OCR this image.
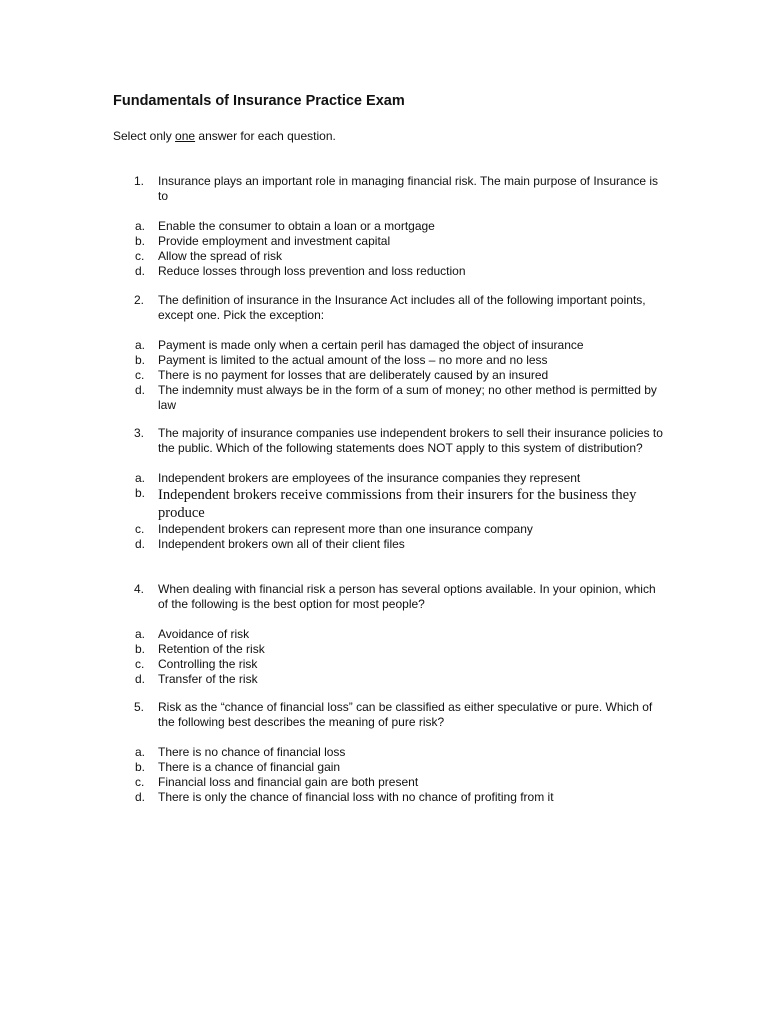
Fundamentals of Insurance Practice Exam
Select only one answer for each question.
1.	Insurance plays an important role in managing financial risk. The main purpose of Insurance is to
a.	Enable the consumer to obtain a loan or a mortgage
b.	Provide employment and investment capital
c.	Allow the spread of risk
d.	Reduce losses through loss prevention and loss reduction
2.	The definition of insurance in the Insurance Act includes all of the following important points, except one. Pick the exception:
a.	Payment is made only when a certain peril has damaged the object of insurance
b.	Payment is limited to the actual amount of the loss – no more and no less
c.	There is no payment for losses that are deliberately caused by an insured
d.	The indemnity must always be in the form of a sum of money; no other method is permitted by law
3.	The majority of insurance companies use independent brokers to sell their insurance policies to the public. Which of the following statements does NOT apply to this system of distribution?
a.	Independent brokers are employees of the insurance companies they represent
b. Independent brokers receive commissions from their insurers for the business they produce
c.	Independent brokers can represent more than one insurance company
d.	Independent brokers own all of their client files
4.	When dealing with financial risk a person has several options available. In your opinion, which of the following is the best option for most people?
a.	Avoidance of risk
b.	Retention of the risk
c.	Controlling the risk
d.	Transfer of the risk
5.	Risk as the “chance of financial loss” can be classified as either speculative or pure. Which of the following best describes the meaning of pure risk?
a.	There is no chance of financial loss
b.	There is a chance of financial gain
c.	Financial loss and financial gain are both present
d.	There is only the chance of financial loss with no chance of profiting from it
